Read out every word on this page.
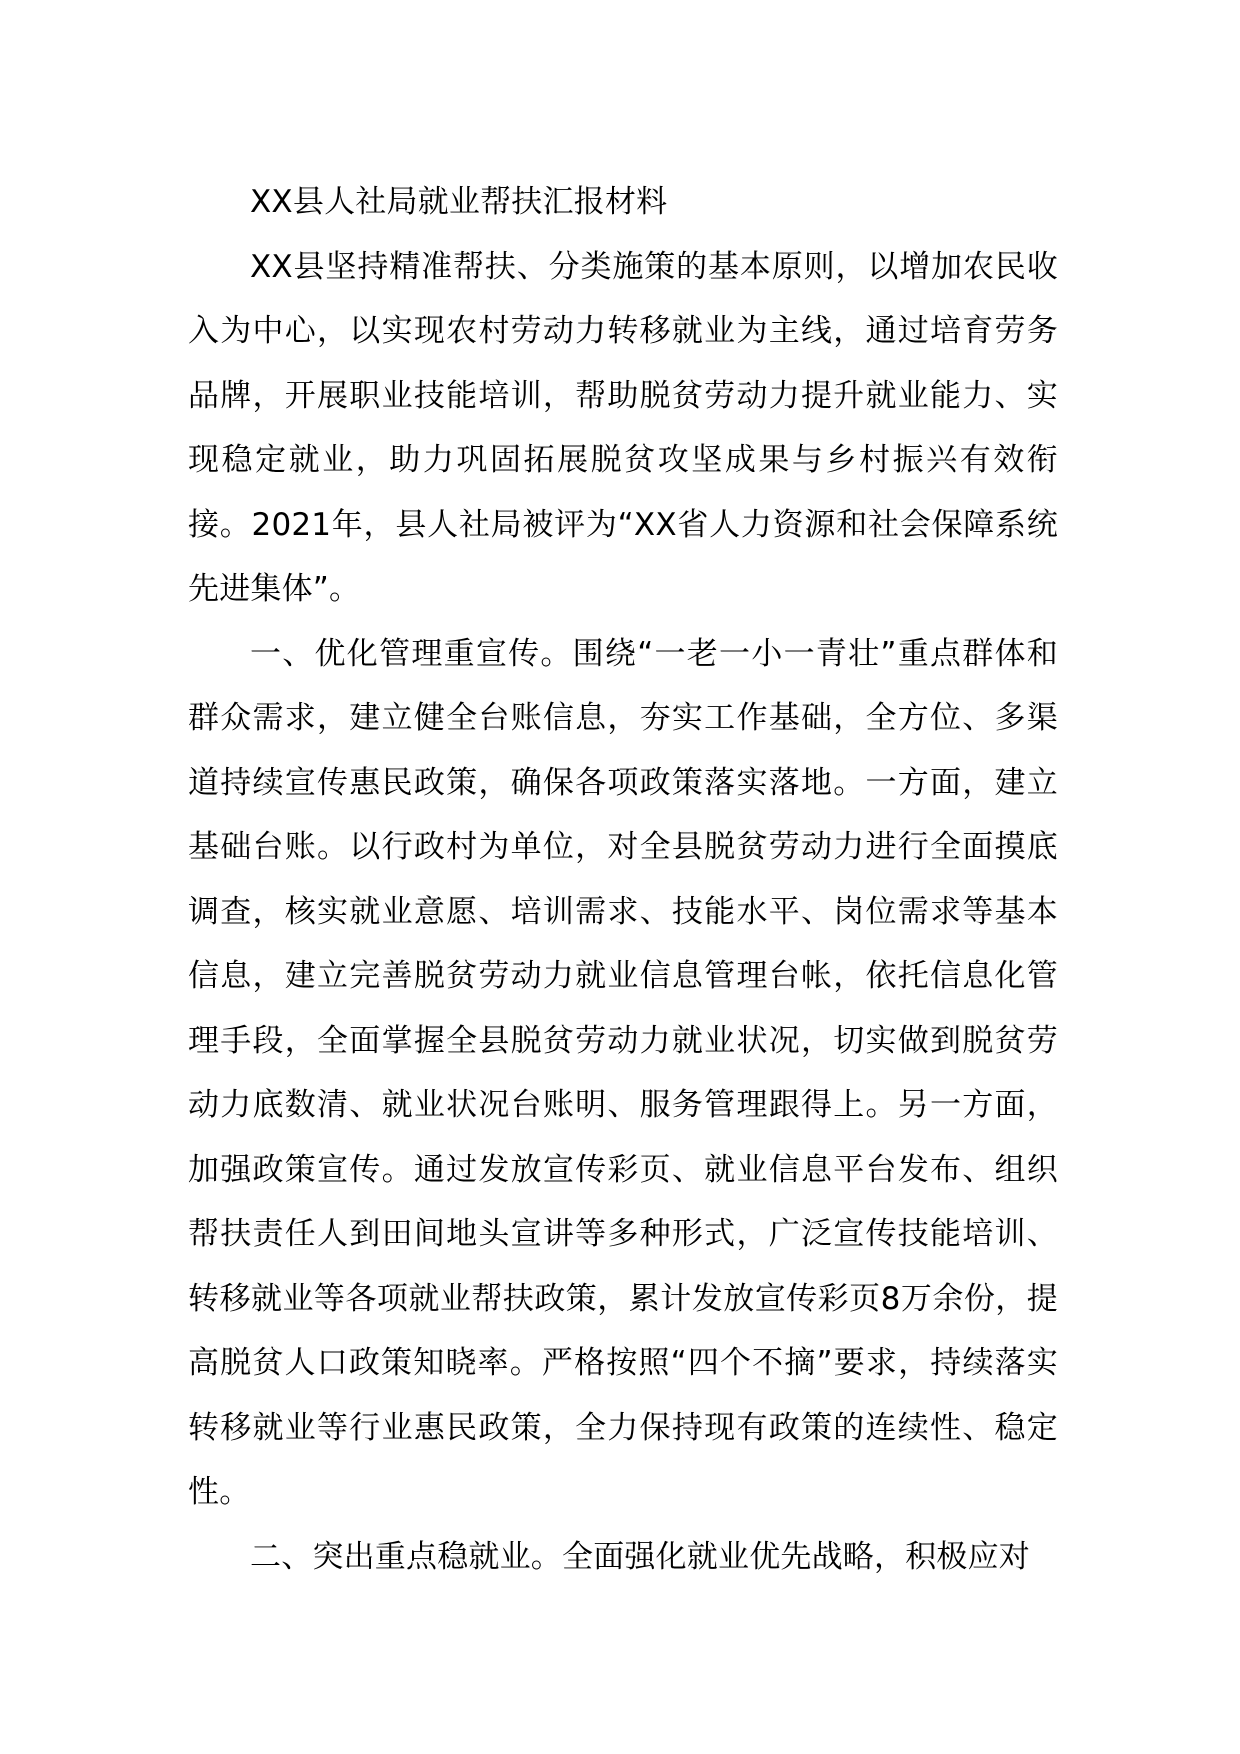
XX县人社局就业帮扶汇报材料

XX县坚持精准帮扶、分类施策的基本原则，以增加农民收入为中心，以实现农村劳动力转移就业为主线，通过培育劳务品牌，开展职业技能培训，帮助脱贫劳动力提升就业能力、实现稳定就业，助力巩固拓展脱贫攻坚成果与乡村振兴有效衔接。2021年，县人社局被评为“XX省人力资源和社会保障系统先进集体”。

一、优化管理重宣传。围绕“一老一小一青壮”重点群体和群众需求，建立健全台账信息，夯实工作基础，全方位、多渠道持续宣传惠民政策，确保各项政策落实落地。一方面，建立基础台账。以行政村为单位，对全县脱贫劳动力进行全面摸底调查，核实就业意愿、培训需求、技能水平、岗位需求等基本信息，建立完善脱贫劳动力就业信息管理台帐，依托信息化管理手段，全面掌握全县脱贫劳动力就业状况，切实做到脱贫劳动力底数清、就业状况台账明、服务管理跟得上。另一方面，加强政策宣传。通过发放宣传彩页、就业信息平台发布、组织帮扶责任人到田间地头宣讲等多种形式，广泛宣传技能培训、转移就业等各项就业帮扶政策，累计发放宣传彩页8万余份，提高脱贫人口政策知晓率。严格按照“四个不摘”要求，持续落实转移就业等行业惠民政策，全力保持现有政策的连续性、稳定性。

二、突出重点稳就业。全面强化就业优先战略，积极应对
